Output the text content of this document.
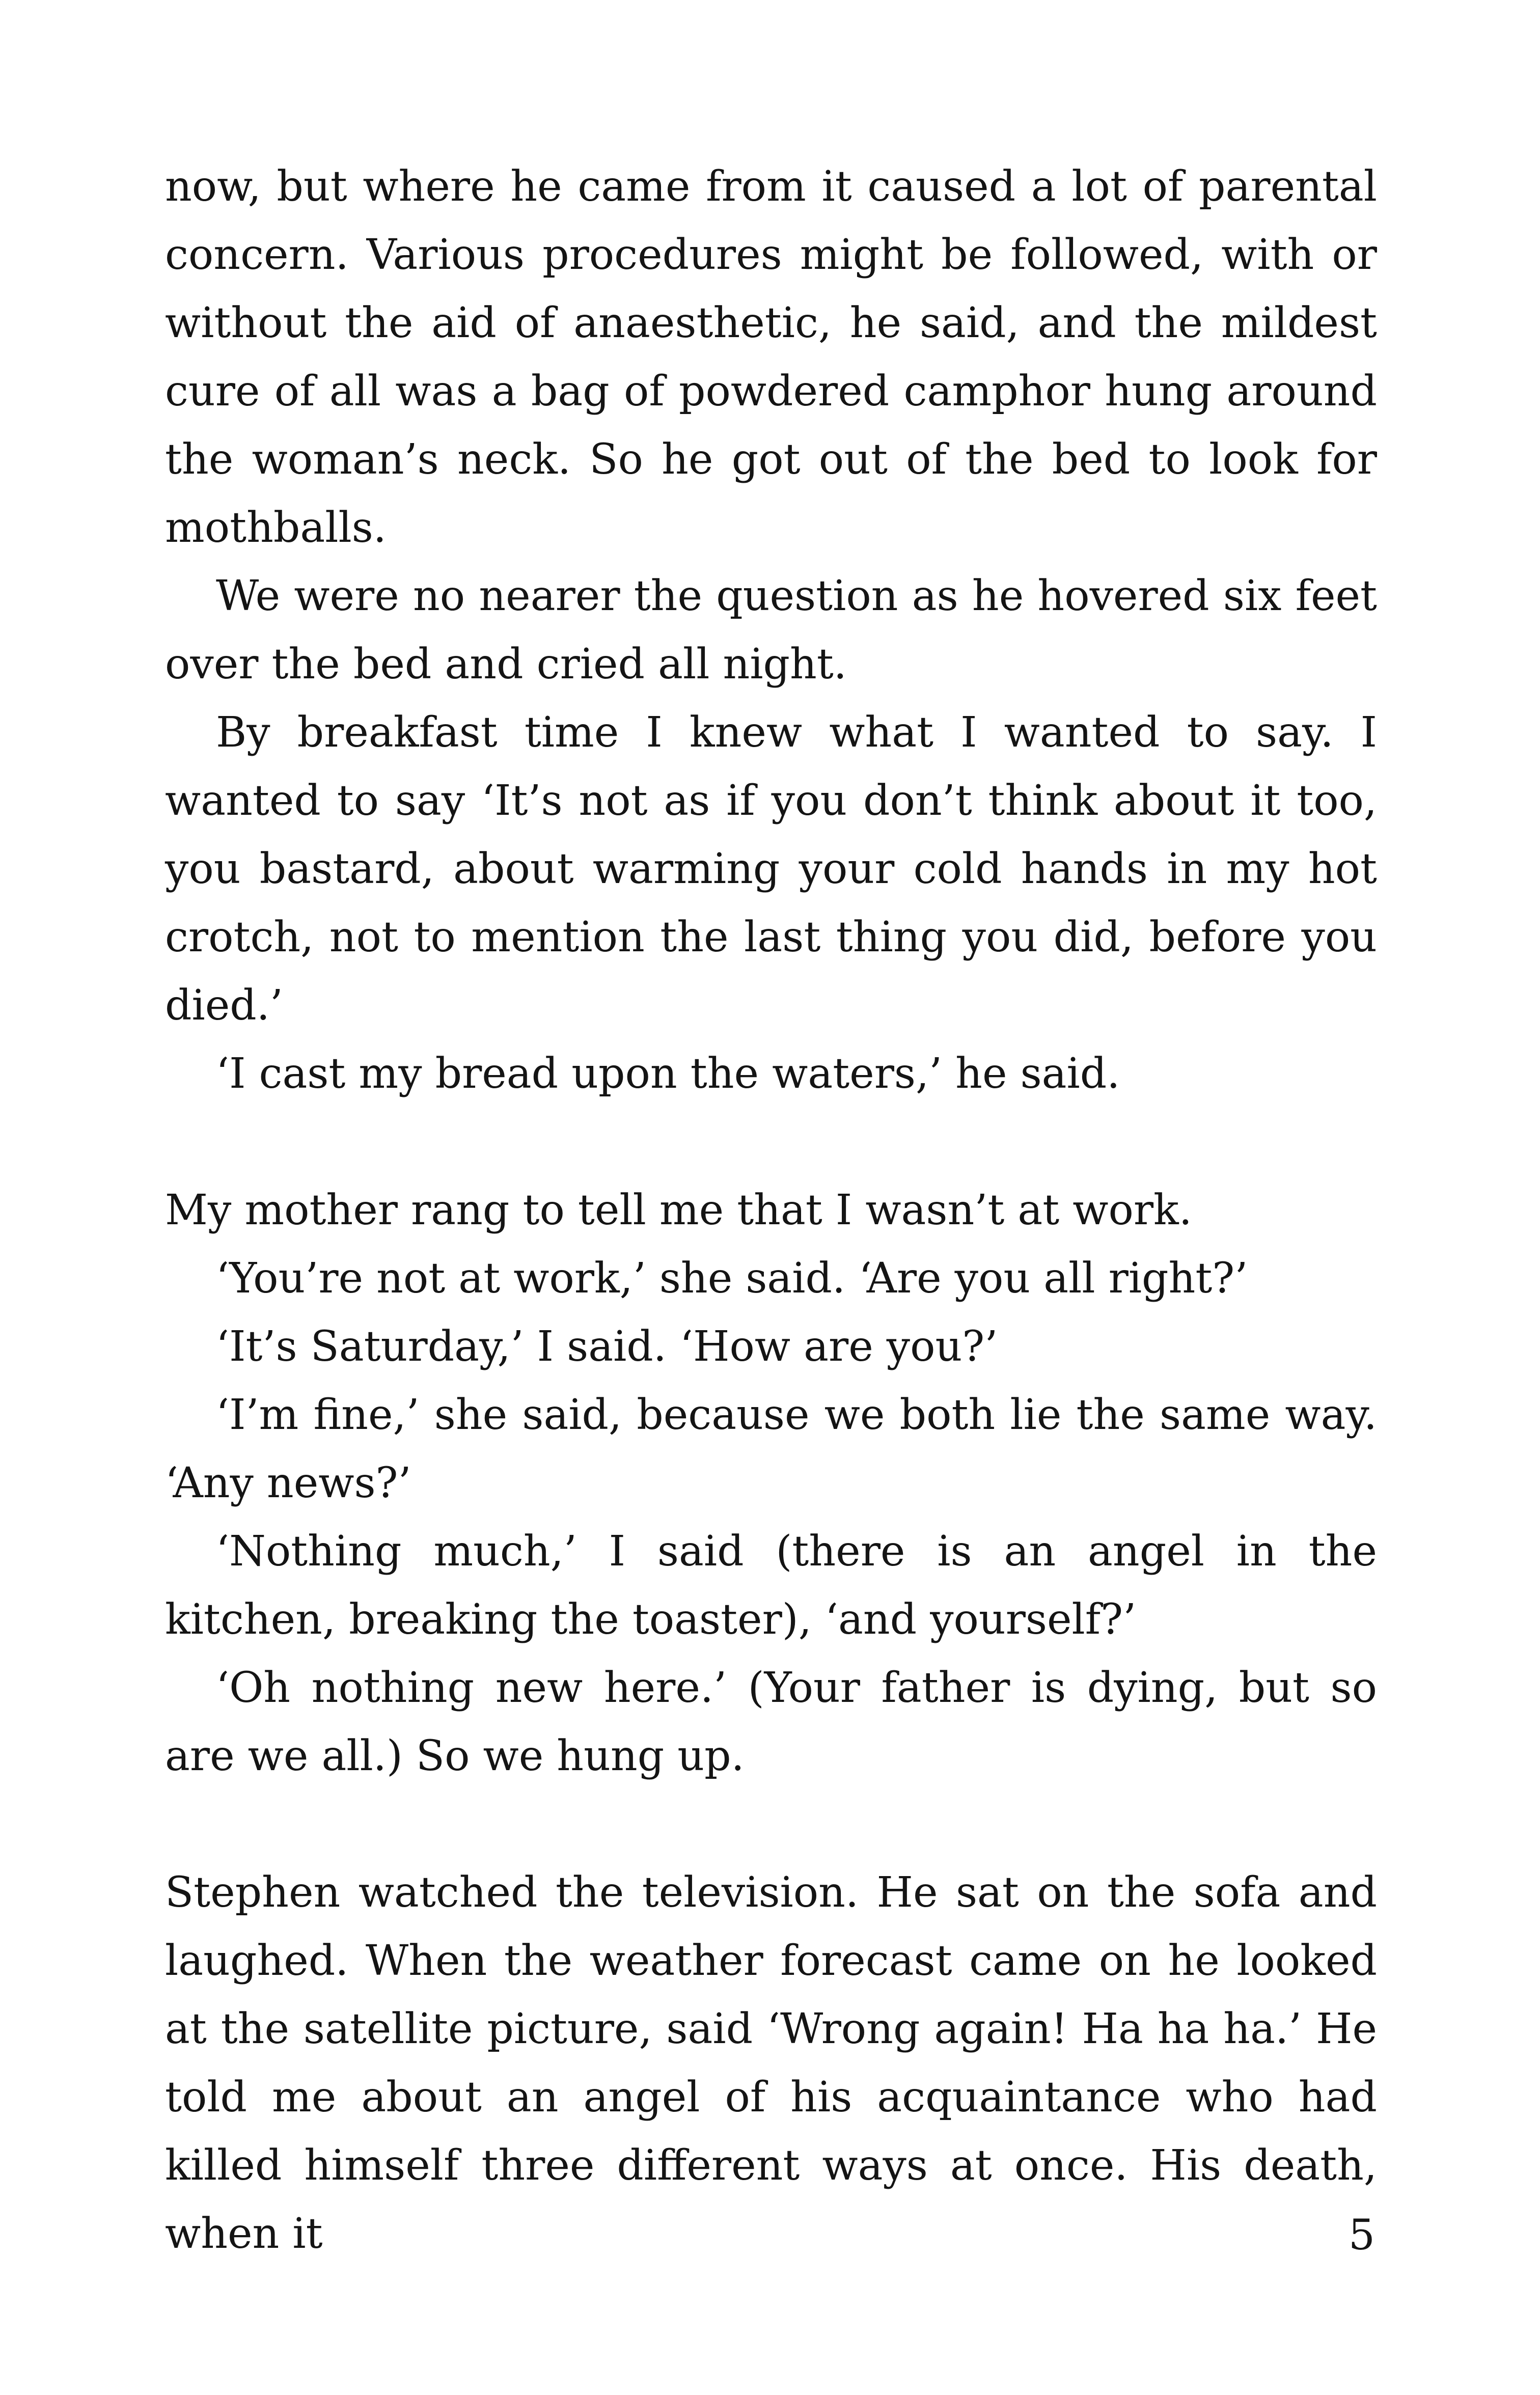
now, but where he came from it caused a lot of parental concern. Various procedures might be followed, with or without the aid of anaesthetic, he said, and the mildest cure of all was a bag of powdered camphor hung around the woman’s neck. So he got out of the bed to look for mothballs.

We were no nearer the question as he hovered six feet over the bed and cried all night.

By breakfast time I knew what I wanted to say. I wanted to say ‘It’s not as if you don’t think about it too, you bastard, about warming your cold hands in my hot crotch, not to mention the last thing you did, before you died.’

‘I cast my bread upon the waters,’ he said.

My mother rang to tell me that I wasn’t at work.

‘You’re not at work,’ she said. ‘Are you all right?’

‘It’s Saturday,’ I said. ‘How are you?’

‘I’m fine,’ she said, because we both lie the same way. ‘Any news?’

‘Nothing much,’ I said (there is an angel in the kitchen, breaking the toaster), ‘and yourself?’

‘Oh nothing new here.’ (Your father is dying, but so are we all.) So we hung up.

Stephen watched the television. He sat on the sofa and laughed. When the weather forecast came on he looked at the satellite picture, said ‘Wrong again! Ha ha ha.’ He told me about an angel of his acquaintance who had killed himself three different ways at once. His death, when it	5
